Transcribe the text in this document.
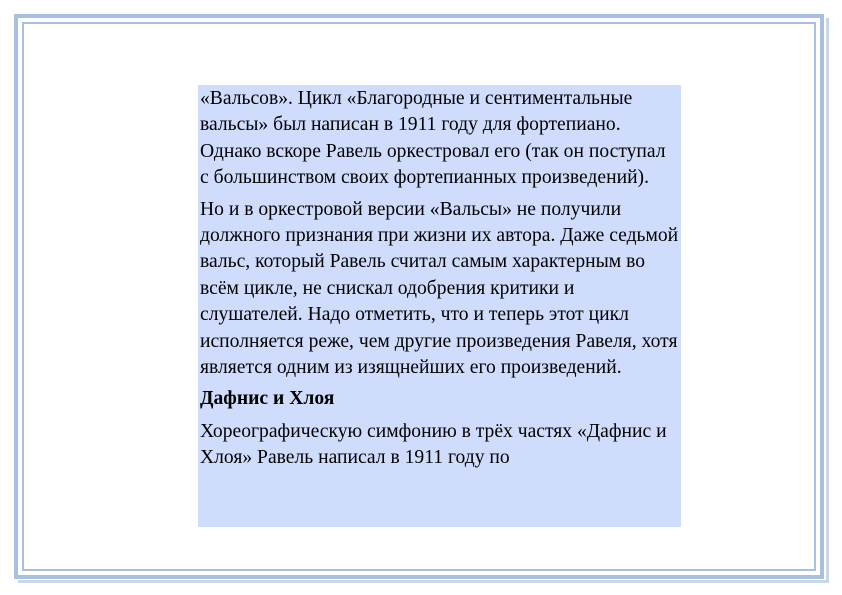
«Вальсов». Цикл «Благородные и сентиментальные вальсы» был написан в 1911 году для фортепиано. Однако вскоре Равель оркестровал его (так он поступал с большинством своих фортепианных произведений).

Но и в оркестровой версии «Вальсы» не получили должного признания при жизни их автора. Даже седьмой вальс, который Равель считал самым характерным во всём цикле, не снискал одобрения критики и слушателей. Надо отметить, что и теперь этот цикл исполняется реже, чем другие произведения Равеля, хотя является одним из изящнейших его произведений.

Дафнис и Хлоя

Хореографическую симфонию в трёх частях «Дафнис и Хлоя» Равель написал в 1911 году по
